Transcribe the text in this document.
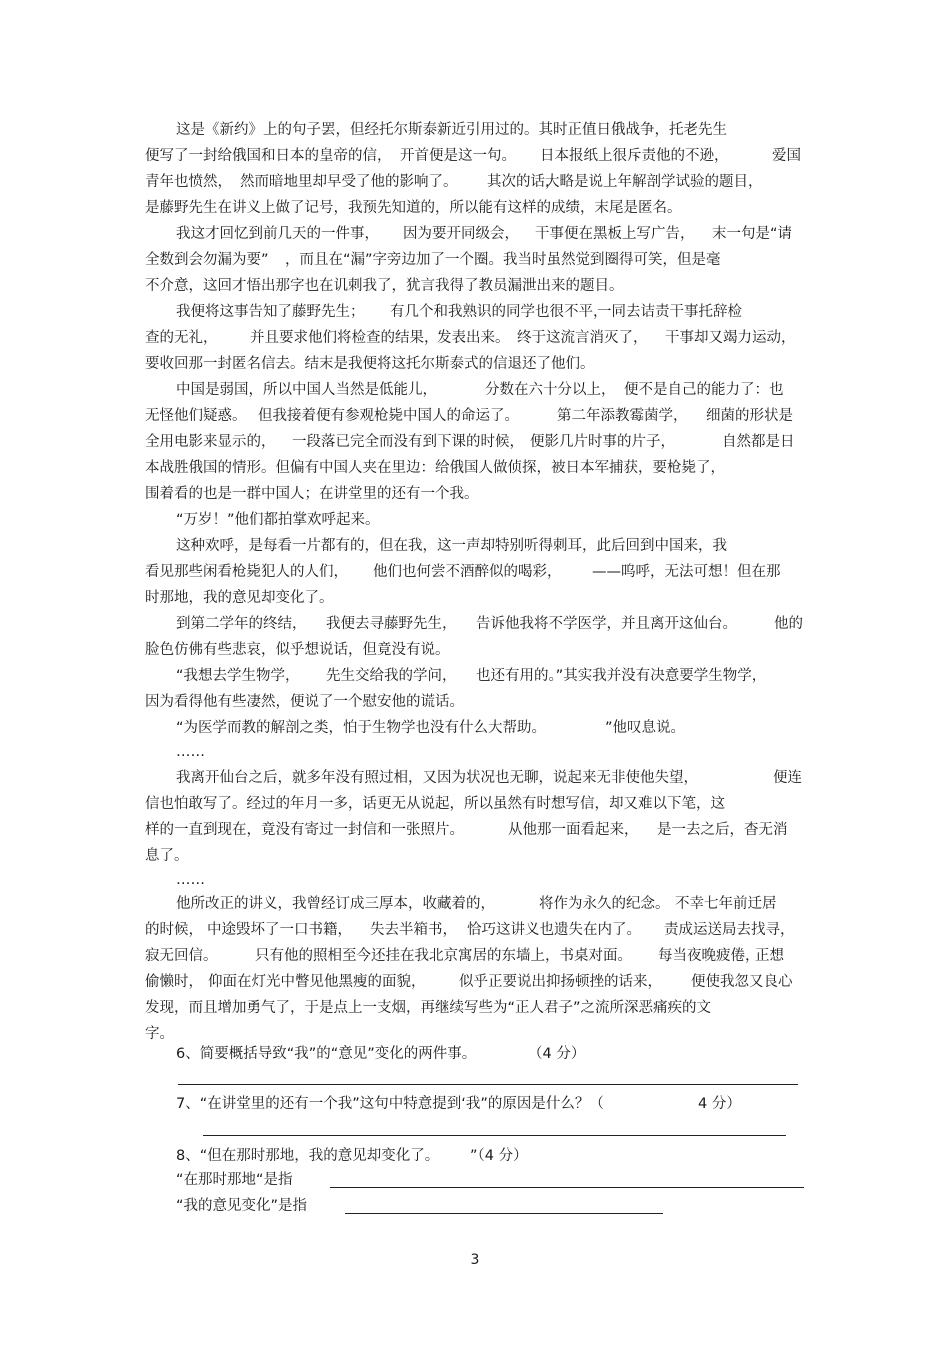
这是《新约》上的句子罢，但经托尔斯泰新近引用过的。其时正值日俄战争，托老先生
便写了一封给俄国和日本的皇帝的信， 开首便是这一句。 日本报纸上很斥责他的不逊，	爱国
青年也愤然， 然而暗地里却早受了他的影响了。 其次的话，
大略是说上年解剖学试验的题目，
是藤野先生在讲义上做了记号，我预先知道的，所以能有这样的成绩，末尾是匿名。
我这才回忆到前几天的一件事， 因为要开同级会， 干事便在黑板上写广告， 末一句是“请
全数到会勿漏为要” ，而且在“漏”字旁边加了一个圈。我当时虽然觉到圈得可笑，但是毫
不介意，这回才悟出那字也在讥刺我了，犹言我得了教员漏泄出来的题目。
我便将这事告知了藤野先生； 有几个和我熟识的同学也很不平，
一同去诘责干事托辞检
查的无礼， 并且要求他们将检查的结果，
发表出来。 终于这流言消灭了， 干事却又竭力运动，
要收回那一封匿名信去。结末是我便将这托尔斯泰式的信退还了他们。
中国是弱国，所以中国人当然是低能儿，	分数在六十分以上， 便不是自己的能力了：也
无怪他们疑惑。 但我接着便有参观枪毙中国人的命运了。	第二年添教霉菌学， 细菌的形状是
全用电影来显示的， 一段落已完全而没有到下课的时候， 便影几片时事的片子，	自然都是日
本战胜俄国的情形。但偏有中国人夹在里边：给俄国人做侦探，被日本军捕获，要枪毙了，
围着看的也是一群中国人；在讲堂里的还有一个我。
“万岁！”他们都拍掌欢呼起来。
这种欢呼，是每看一片都有的，但在我，这一声却特别听得刺耳，此后回到中国来，我
看见那些闲看枪毙犯人的人们， 他们也何尝不酒醉似的喝彩， ——呜呼，无法可想！但在那
时那地，我的意见却变化了。
到第二学年的终结， 我便去寻藤野先生， 告诉他我将不学医学，并且离开这仙台。	他的
脸色仿佛有些悲哀，似乎想说话，但竟没有说。
“我想去学生物学， 先生交给我的学问， 也还有用的。”其实我并没有决意要学生物学，
因为看得他有些凄然，便说了一个慰安他的谎话。
“为医学而教的解剖之类，怕于生物学也没有什么大帮助。	”他叹息说。
……
我离开仙台之后，就多年没有照过相，又因为状况也无聊，说起来无非使他失望，	便连
信也怕敢写了。经过的年月一多，话更无从说起，所以虽然有时想写信，却又难以下笔，这
样的一直到现在，竟没有寄过一封信和一张照片。	从他那一面看起来， 是一去之后，杳无消
息了。
……
他所改正的讲义，我曾经订成三厚本，收藏着的，	将作为永久的纪念。 不幸七年前迁居
的时候， 中途毁坏了一口书籍， 失去半箱书， 恰巧这讲义也遗失在内了。 责成运送局去找寻，
寂无回信。	只有他的照相至今还挂在我北京寓居的东墙上，书桌对面。 每当夜晚疲倦，
正想
偷懒时， 仰面在灯光中瞥见他黑瘦的面貌， 似乎正要说出抑扬顿挫的话来， 便使我忽又良心
发现，而且增加勇气了，于是点上一支烟，再继续写些为“正人君子”之流所深恶痛疾的文
字。

6、简要概括导致“我”的“意见”变化的两件事。

	（4 分）

7、“在讲堂里的还有一个我”这句中特意提到‘我”的原因是什么？（

	4 分）

8、“但在那时那地，我的意见却变化了。

”（4 分）

“在那时那地“是指

“我的意见变化”是指

3
